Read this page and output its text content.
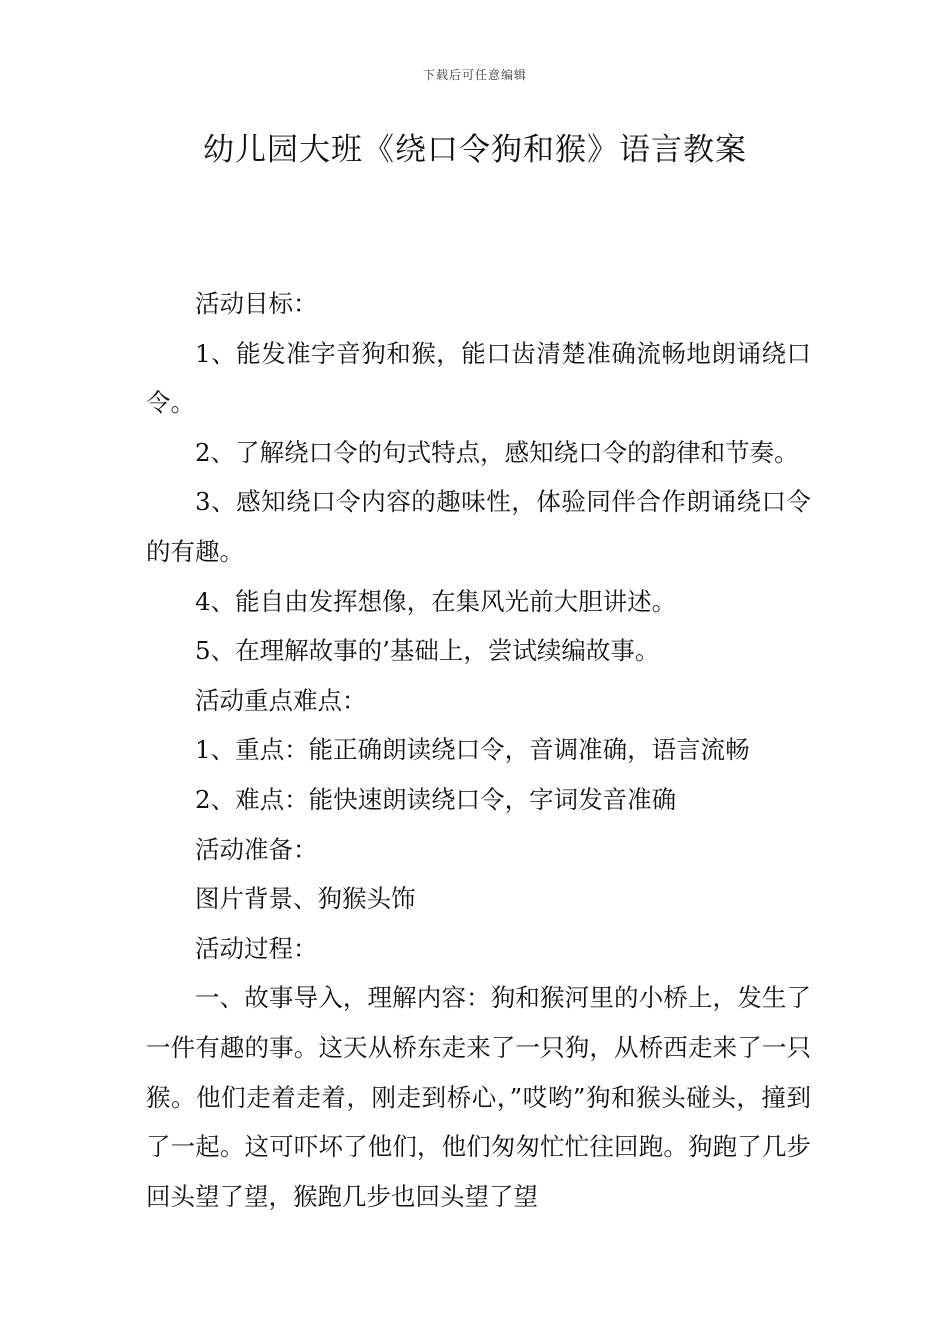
下载后可任意编辑
幼儿园大班《绕口令狗和猴》语言教案

活动目标：

1、能发准字音狗和猴，能口齿清楚准确流畅地朗诵绕口令。

2、了解绕口令的句式特点，感知绕口令的韵律和节奏。

3、感知绕口令内容的趣味性，体验同伴合作朗诵绕口令的有趣。

4、能自由发挥想像，在集风光前大胆讲述。

5、在理解故事的’基础上，尝试续编故事。

活动重点难点：

1、重点：能正确朗读绕口令，音调准确，语言流畅

2、难点：能快速朗读绕口令，字词发音准确

活动准备：

图片背景、狗猴头饰

活动过程：

一、故事导入，理解内容：狗和猴河里的小桥上，发生了一件有趣的事。这天从桥东走来了一只狗，从桥西走来了一只猴。他们走着走着，刚走到桥心，”哎哟”狗和猴头碰头，撞到了一起。这可吓坏了他们，他们匆匆忙忙往回跑。狗跑了几步回头望了望，猴跑几步也回头望了望
